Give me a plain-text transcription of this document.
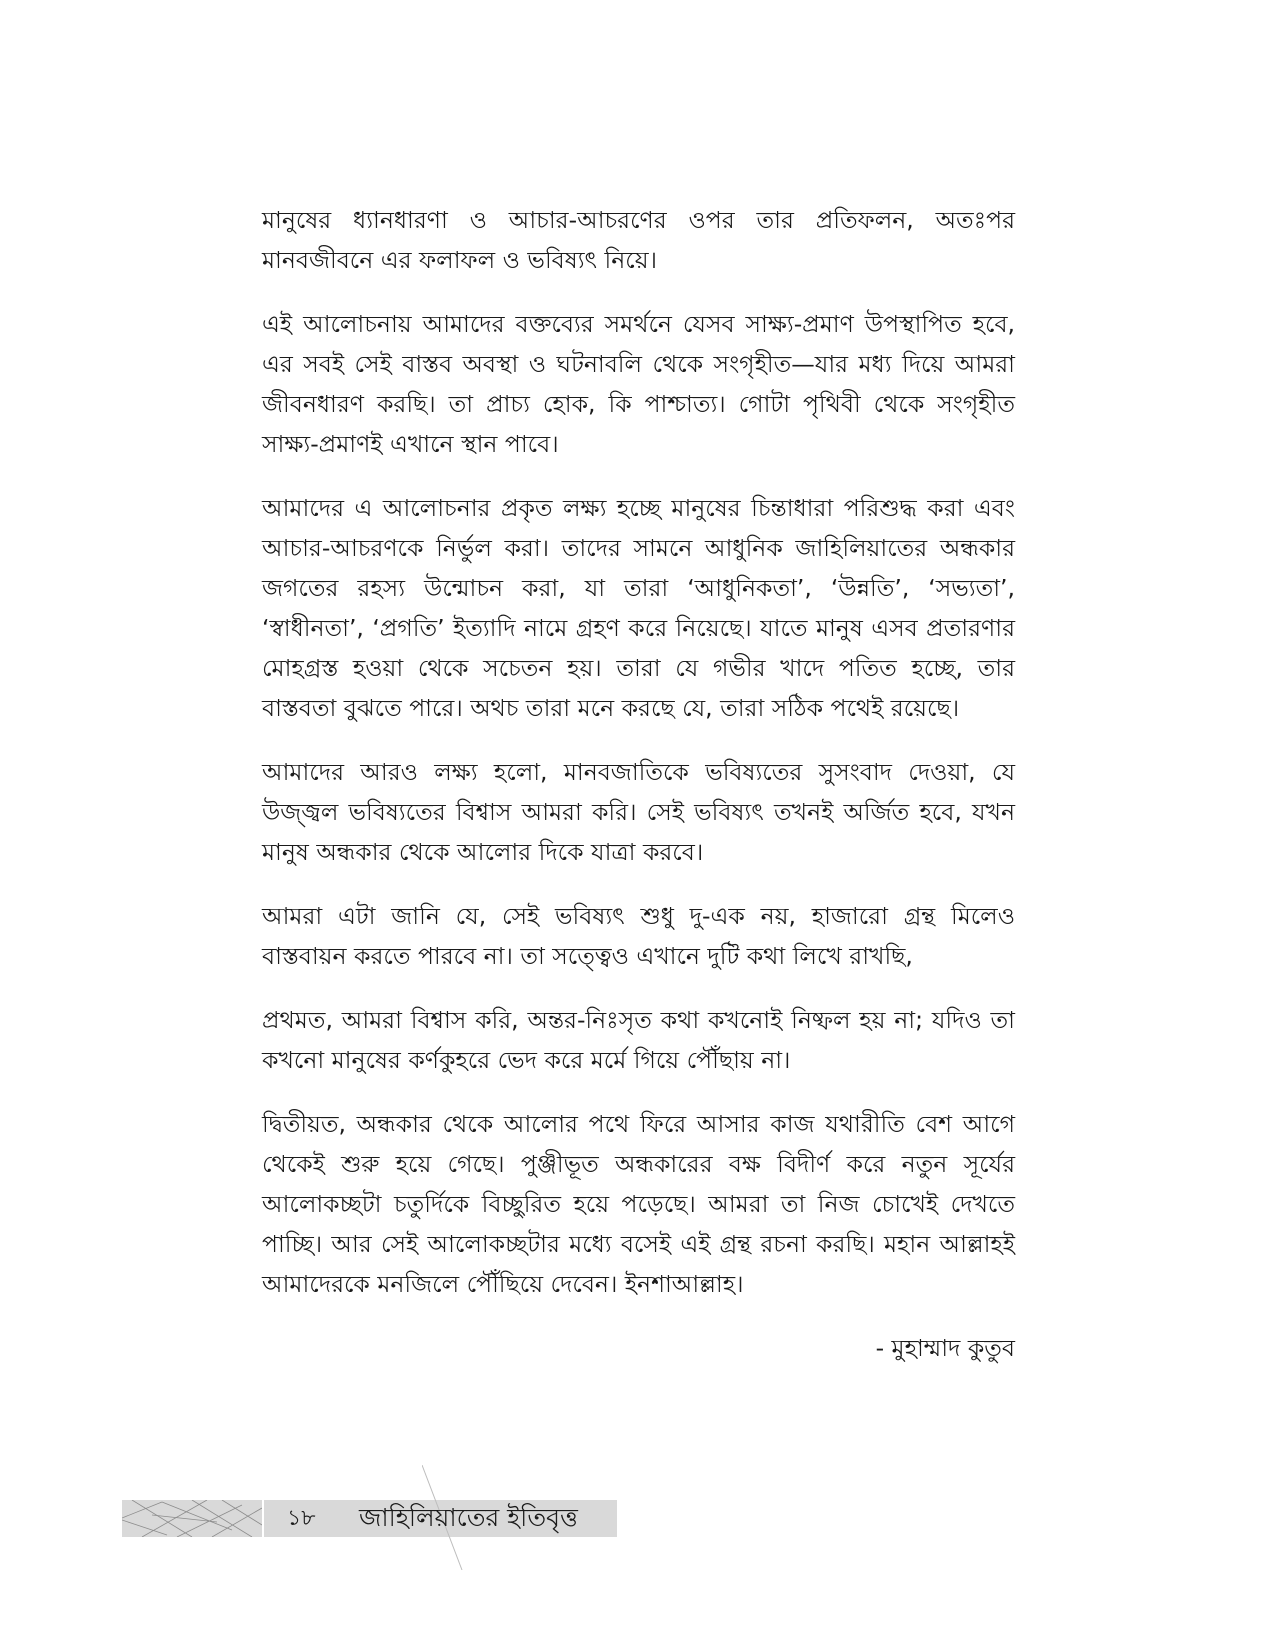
মানুষের ধ্যানধারণা ও আচার-আচরণের ওপর তার প্রতিফলন, অতঃপর মানবজীবনে এর ফলাফল ও ভবিষ্যৎ নিয়ে।

এই আলোচনায় আমাদের বক্তব্যের সমর্থনে যেসব সাক্ষ্য-প্রমাণ উপস্থাপিত হবে, এর সবই সেই বাস্তব অবস্থা ও ঘটনাবলি থেকে সংগৃহীত—যার মধ্য দিয়ে আমরা জীবনধারণ করছি। তা প্রাচ্য হোক, কি পাশ্চাত্য। গোটা পৃথিবী থেকে সংগৃহীত সাক্ষ্য-প্রমাণই এখানে স্থান পাবে।

আমাদের এ আলোচনার প্রকৃত লক্ষ্য হচ্ছে মানুষের চিন্তাধারা পরিশুদ্ধ করা এবং আচার-আচরণকে নির্ভুল করা। তাদের সামনে আধুনিক জাহিলিয়াতের অন্ধকার জগতের রহস্য উন্মোচন করা, যা তারা ‘আধুনিকতা’, ‘উন্নতি’, ‘সভ্যতা’, ‘স্বাধীনতা’, ‘প্রগতি’ ইত্যাদি নামে গ্রহণ করে নিয়েছে। যাতে মানুষ এসব প্রতারণার মোহগ্রস্ত হওয়া থেকে সচেতন হয়। তারা যে গভীর খাদে পতিত হচ্ছে, তার বাস্তবতা বুঝতে পারে। অথচ তারা মনে করছে যে, তারা সঠিক পথেই রয়েছে।

আমাদের আরও লক্ষ্য হলো, মানবজাতিকে ভবিষ্যতের সুসংবাদ দেওয়া, যে উজ্জ্বল ভবিষ্যতের বিশ্বাস আমরা করি। সেই ভবিষ্যৎ তখনই অর্জিত হবে, যখন মানুষ অন্ধকার থেকে আলোর দিকে যাত্রা করবে।

আমরা এটা জানি যে, সেই ভবিষ্যৎ শুধু দু-এক নয়, হাজারো গ্রন্থ মিলেও বাস্তবায়ন করতে পারবে না। তা সত্ত্বেও এখানে দুটি কথা লিখে রাখছি,

প্রথমত, আমরা বিশ্বাস করি, অন্তর-নিঃসৃত কথা কখনোই নিষ্ফল হয় না; যদিও তা কখনো মানুষের কর্ণকুহরে ভেদ করে মর্মে গিয়ে পৌঁছায় না।

দ্বিতীয়ত, অন্ধকার থেকে আলোর পথে ফিরে আসার কাজ যথারীতি বেশ আগে থেকেই শুরু হয়ে গেছে। পুঞ্জীভূত অন্ধকারের বক্ষ বিদীর্ণ করে নতুন সূর্যের আলোকচ্ছটা চতুর্দিকে বিচ্ছুরিত হয়ে পড়েছে। আমরা তা নিজ চোখেই দেখতে পাচ্ছি। আর সেই আলোকচ্ছটার মধ্যে বসেই এই গ্রন্থ রচনা করছি। মহান আল্লাহই আমাদেরকে মনজিলে পৌঁছিয়ে দেবেন। ইনশাআল্লাহ।

- মুহাম্মাদ কুতুব

১৮ জাহিলিয়াতের ইতিবৃত্ত
